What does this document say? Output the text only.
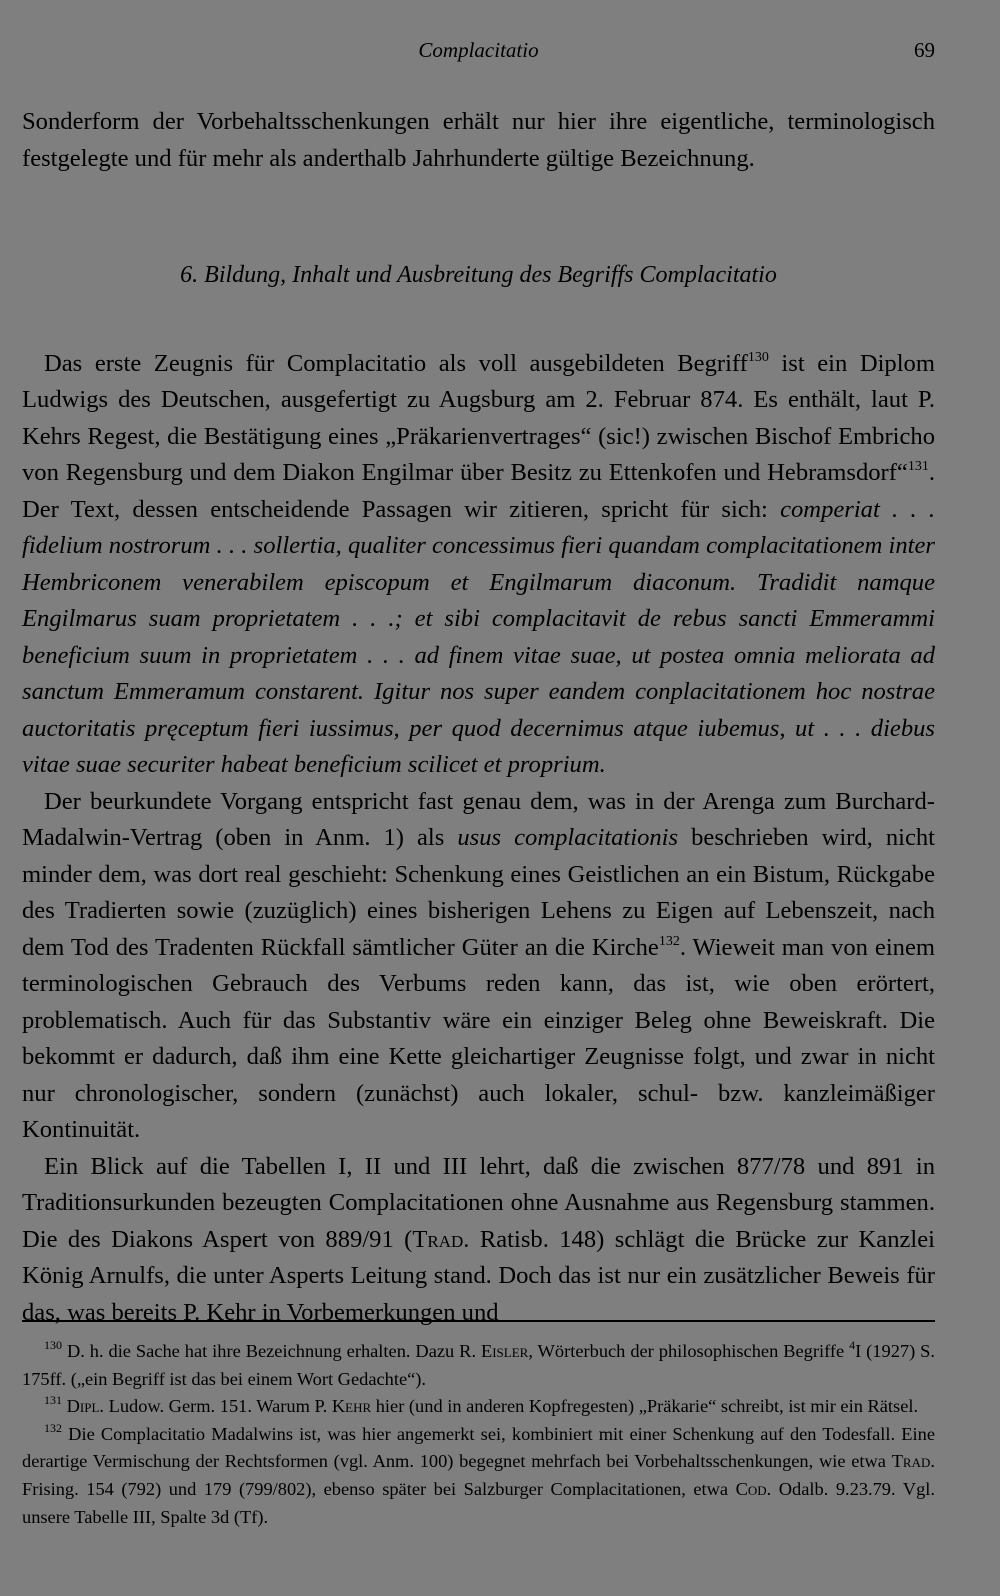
Complacitatio	69

Sonderform der Vorbehaltsschenkungen erhält nur hier ihre eigentliche, terminologisch festgelegte und für mehr als anderthalb Jahrhunderte gültige Bezeichnung.

6. Bildung, Inhalt und Ausbreitung des Begriffs Complacitatio

Das erste Zeugnis für Complacitatio als voll ausgebildeten Begriff$^{130}$ ist ein Diplom Ludwigs des Deutschen, ausgefertigt zu Augsburg am 2. Februar 874. Es enthält, laut P. Kehrs Regest, die Bestätigung eines „Präkarienvertrages“ (sic!) zwischen Bischof Embricho von Regensburg und dem Diakon Engilmar über Besitz zu Ettenkofen und Hebramsdorf“$^{131}$. Der Text, dessen entscheidende Passagen wir zitieren, spricht für sich: comperiat . . . fidelium nostrorum . . . sollertia, qualiter concessimus fieri quandam complacitationem inter Hembriconem venerabilem episcopum et Engilmarum diaconum. Tradidit namque Engilmarus suam proprietatem . . .; et sibi complacitavit de rebus sancti Emmerammi beneficium suum in proprietatem . . . ad finem vitae suae, ut postea omnia meliorata ad sanctum Emmeramum constarent. Igitur nos super eandem conplacitationem hoc nostrae auctoritatis pręceptum fieri iussimus, per quod decernimus atque iubemus, ut . . . diebus vitae suae securiter habeat beneficium scilicet et proprium.

Der beurkundete Vorgang entspricht fast genau dem, was in der Arenga zum Burchard-Madalwin-Vertrag (oben in Anm. 1) als usus complacitationis beschrieben wird, nicht minder dem, was dort real geschieht: Schenkung eines Geistlichen an ein Bistum, Rückgabe des Tradierten sowie (zuzüglich) eines bisherigen Lehens zu Eigen auf Lebenszeit, nach dem Tod des Tradenten Rückfall sämtlicher Güter an die Kirche$^{132}$. Wieweit man von einem terminologischen Gebrauch des Verbums reden kann, das ist, wie oben erörtert, problematisch. Auch für das Substantiv wäre ein einziger Beleg ohne Beweiskraft. Die bekommt er dadurch, daß ihm eine Kette gleichartiger Zeugnisse folgt, und zwar in nicht nur chronologischer, sondern (zunächst) auch lokaler, schul- bzw. kanzleimäßiger Kontinuität.

Ein Blick auf die Tabellen I, II und III lehrt, daß die zwischen 877/78 und 891 in Traditionsurkunden bezeugten Complacitationen ohne Ausnahme aus Regensburg stammen. Die des Diakons Aspert von 889/91 (Trad. Ratisb. 148) schlägt die Brücke zur Kanzlei König Arnulfs, die unter Asperts Leitung stand. Doch das ist nur ein zusätzlicher Beweis für das, was bereits P. Kehr in Vorbemerkungen und

$^{130}$ D. h. die Sache hat ihre Bezeichnung erhalten. Dazu R. Eisler, Wörterbuch der philosophischen Begriffe $^4$I (1927) S. 175ff. („ein Begriff ist das bei einem Wort Gedachte“).

$^{131}$ Dipl. Ludow. Germ. 151. Warum P. Kehr hier (und in anderen Kopfregesten) „Präkarie“ schreibt, ist mir ein Rätsel.

$^{132}$ Die Complacitatio Madalwins ist, was hier angemerkt sei, kombiniert mit einer Schenkung auf den Todesfall. Eine derartige Vermischung der Rechtsformen (vgl. Anm. 100) begegnet mehrfach bei Vorbehaltsschenkungen, wie etwa Trad. Frising. 154 (792) und 179 (799/802), ebenso später bei Salzburger Complacitationen, etwa Cod. Odalb. 9.23.79. Vgl. unsere Tabelle III, Spalte 3d (Tf).
